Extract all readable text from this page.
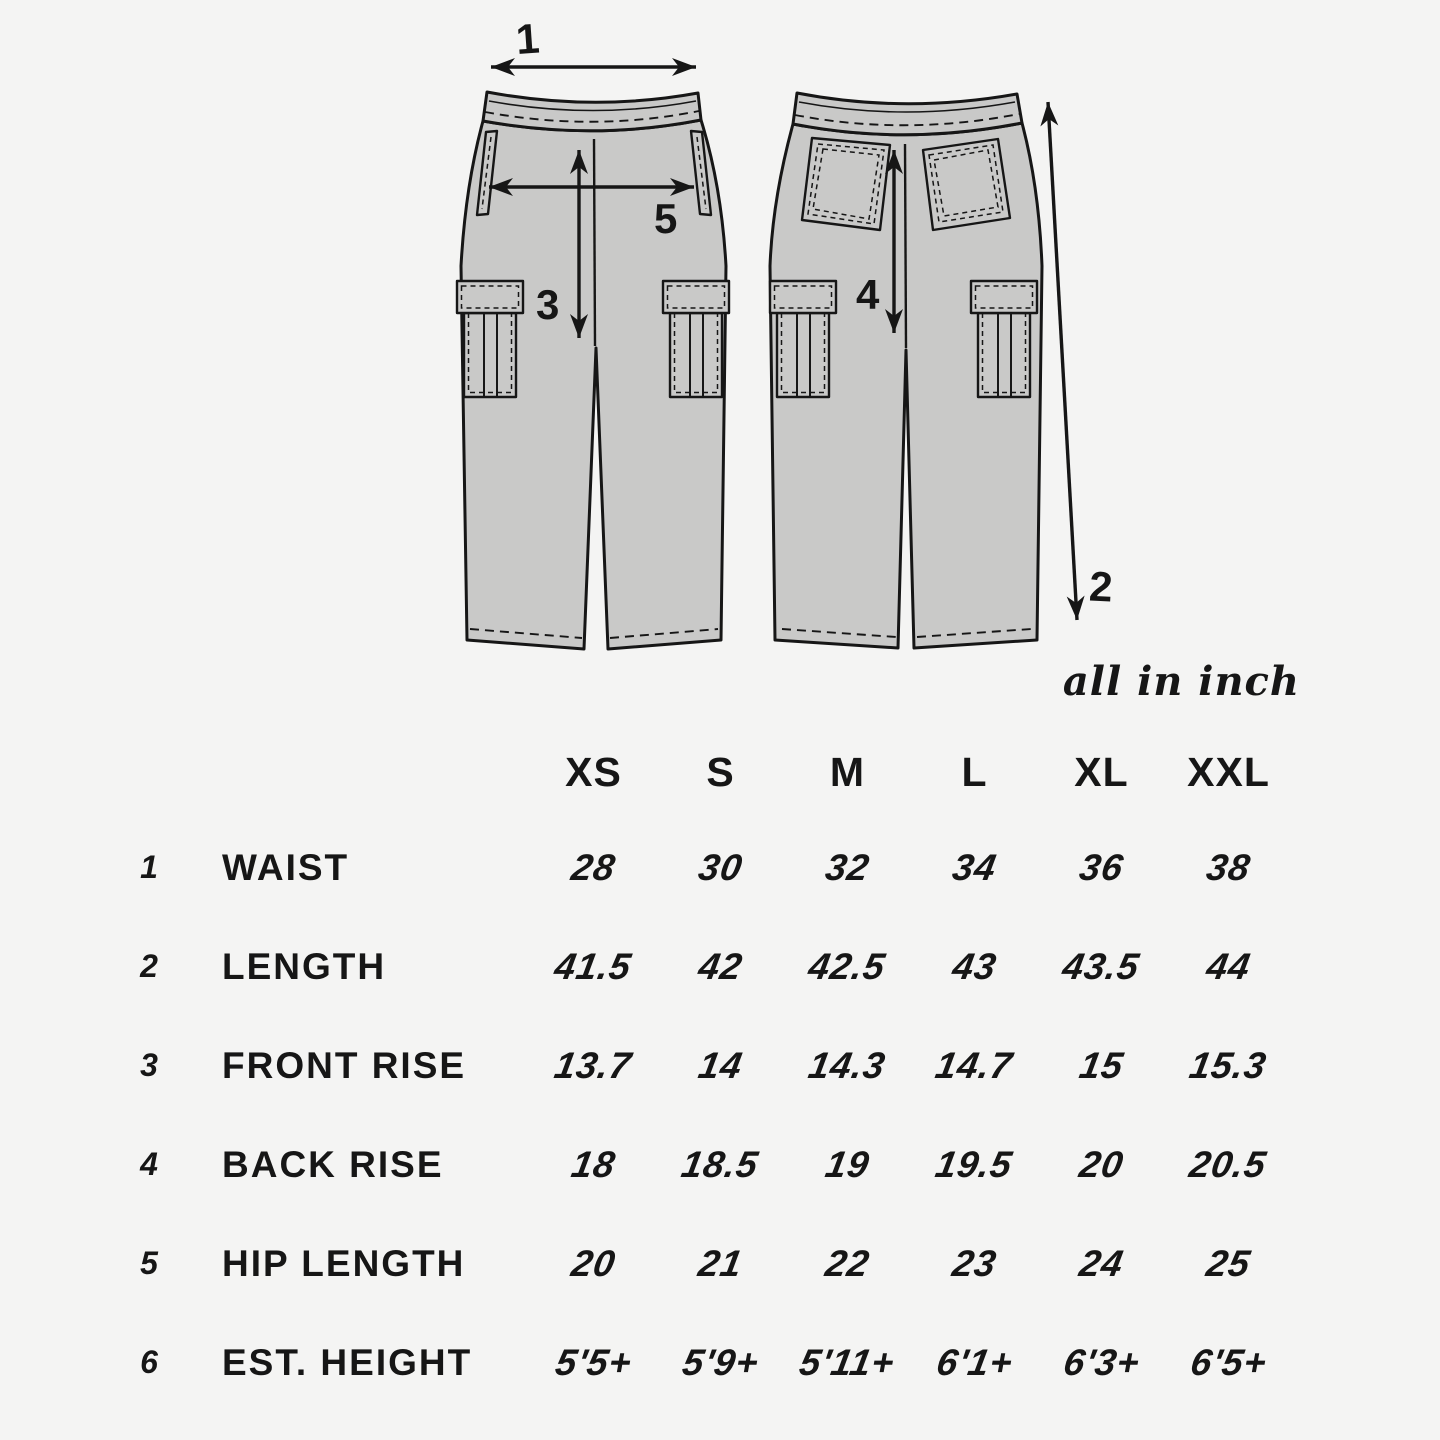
1
5
3	4
2
all in inch
XS	S	M	L	XL	XXL
1	WAIST	28 30 32 34 36 38
2	LENGTH	41.5 42 42.5 43 43.5 44
3	FRONT RISE	13.7 14 14.3 14.7 15 15.3
4	BACK RISE	18 18.5 19 19.5 20 20.5
5	HIP LENGTH	20 21 22 23 24 25
6	EST. HEIGHT	5'5+ 5'9+ 5'11+ 6'1+ 6'3+ 6'5+
